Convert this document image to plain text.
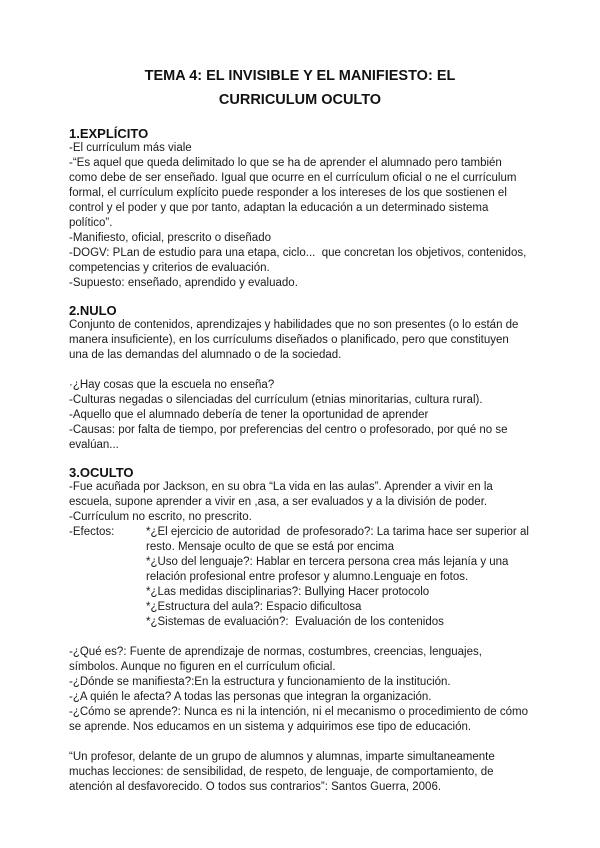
TEMA 4: EL INVISIBLE Y EL MANIFIESTO: EL
CURRICULUM OCULTO
1.EXPLÍCITO

-El currículum más viale

-“Es aquel que queda delimitado lo que se ha de aprender el alumnado pero también como debe de ser enseñado. Igual que ocurre en el currículum oficial o ne el currículum formal, el currículum explícito puede responder a los intereses de los que sostienen el control y el poder y que por tanto, adaptan la educación a un determinado sistema político”.

-Manifiesto, oficial, prescrito o diseñado

-DOGV: PLan de estudio para una etapa, ciclo...  que concretan los objetivos, contenidos, competencias y criterios de evaluación.

-Supuesto: enseñado, aprendido y evaluado.

2.NULO

Conjunto de contenidos, aprendizajes y habilidades que no son presentes (o lo están de manera insuficiente), en los currículums diseñados o planificado, pero que constituyen una de las demandas del alumnado o de la sociedad.

·¿Hay cosas que la escuela no enseña?

-Culturas negadas o silenciadas del currículum (etnias minoritarias, cultura rural).

-Aquello que el alumnado debería de tener la oportunidad de aprender

-Causas: por falta de tiempo, por preferencias del centro o profesorado, por qué no se evalúan...

3.OCULTO

-Fue acuñada por Jackson, en su obra “La vida en las aulas”. Aprender a vivir en la escuela, supone aprender a vivir en ,asa, a ser evaluados y a la división de poder.

-Currículum no escrito, no prescrito.

-Efectos:	*¿El ejercicio de autoridad  de profesorado?: La tarima hace ser superior al resto. Mensaje oculto de que se está por encima

*¿Uso del lenguaje?: Hablar en tercera persona crea más lejanía y una relación profesional entre profesor y alumno.Lenguaje en fotos.

*¿Las medidas disciplinarias?: Bullying Hacer protocolo

*¿Estructura del aula?: Espacio dificultosa

*¿Sistemas de evaluación?:  Evaluación de los contenidos

-¿Qué es?: Fuente de aprendizaje de normas, costumbres, creencias, lenguajes, símbolos. Aunque no figuren en el currículum oficial.

-¿Dónde se manifiesta?:En la estructura y funcionamiento de la institución.

-¿A quién le afecta? A todas las personas que integran la organización.

-¿Cómo se aprende?: Nunca es ni la intención, ni el mecanismo o procedimiento de cómo se aprende. Nos educamos en un sistema y adquirimos ese tipo de educación.

“Un profesor, delante de un grupo de alumnos y alumnas, imparte simultaneamente muchas lecciones: de sensibilidad, de respeto, de lenguaje, de comportamiento, de atención al desfavorecido. O todos sus contrarios”: Santos Guerra, 2006.
